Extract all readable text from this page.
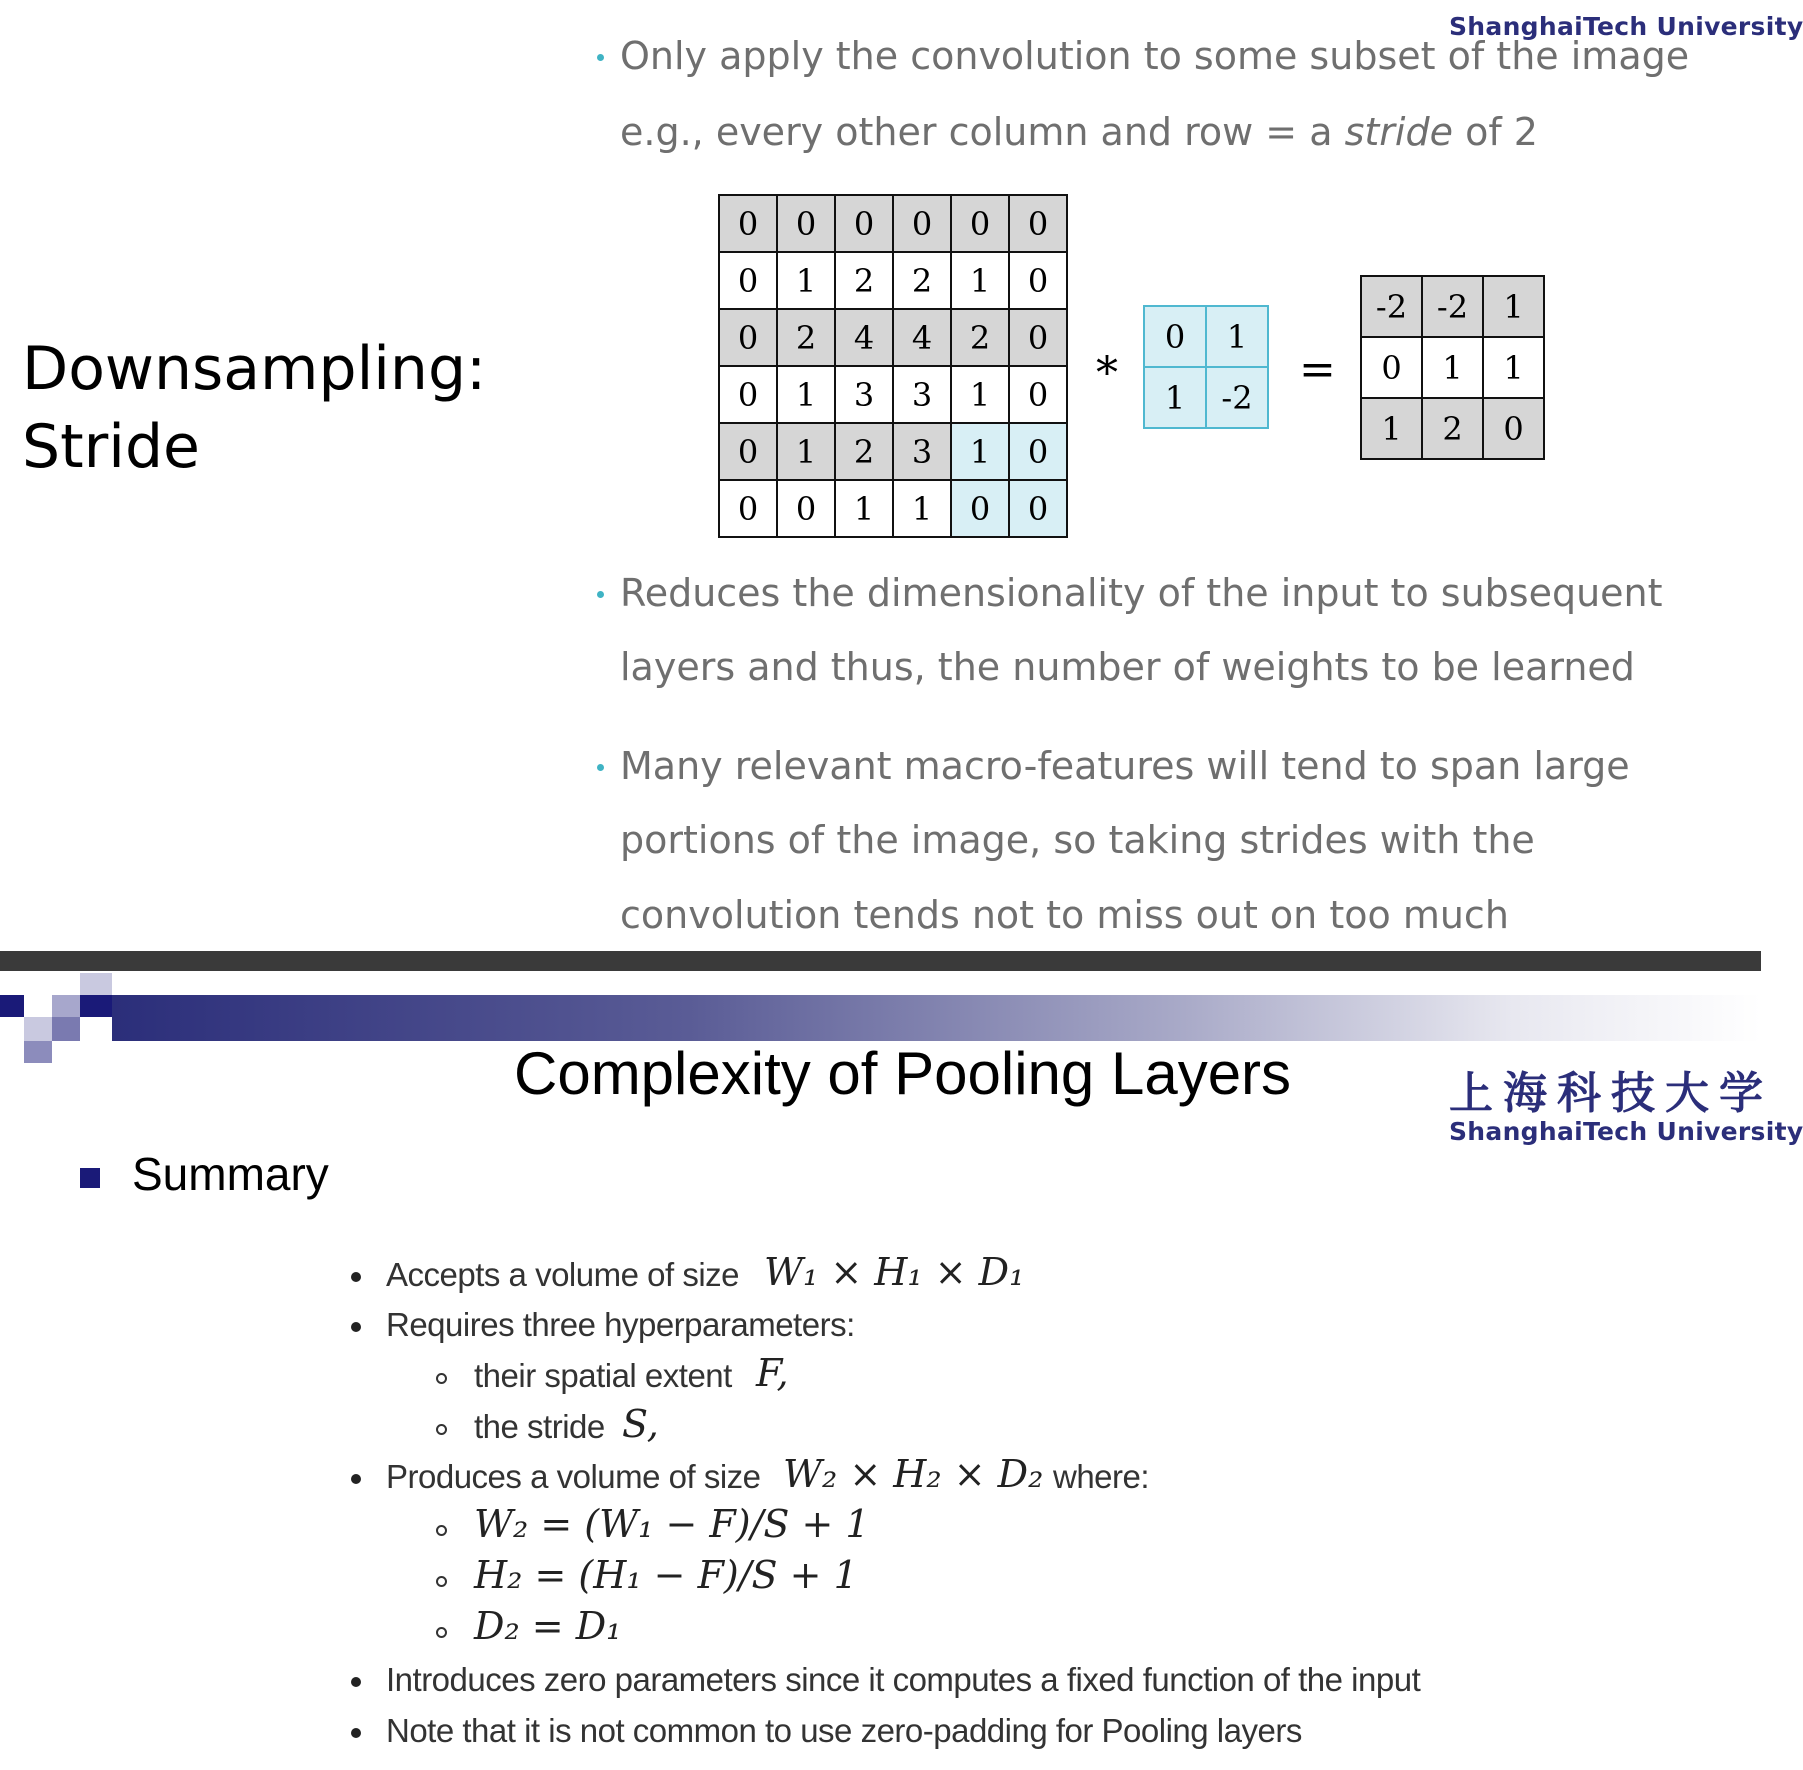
ShanghaiTech University
Only apply the convolution to some subset of the image
e.g., every other column and row = a stride of 2
Downsampling:
Stride
0	0	0	0	0	0
0	1	2	2	1	0
0	2	4	4	2	0
0	1	3	3	1	0
0	1	2	3	1	0
0	0	1	1	0	0
*
0	1
1	-2
=
-2	-2	1
0	1	1
1	2	0
Reduces the dimensionality of the input to subsequent
layers and thus, the number of weights to be learned
Many relevant macro-features will tend to span large
portions of the image, so taking strides with the
convolution tends not to miss out on too much
Complexity of Pooling Layers	上海科技大学
ShanghaiTech University
Summary
Accepts a volume of size W₁ × H₁ × D₁
Requires three hyperparameters:
their spatial extent F,
the stride S,
Produces a volume of size W₂ × H₂ × D₂ where:
W₂ = (W₁ − F)/S + 1
H₂ = (H₁ − F)/S + 1
D₂ = D₁
Introduces zero parameters since it computes a fixed function of the input
Note that it is not common to use zero-padding for Pooling layers
